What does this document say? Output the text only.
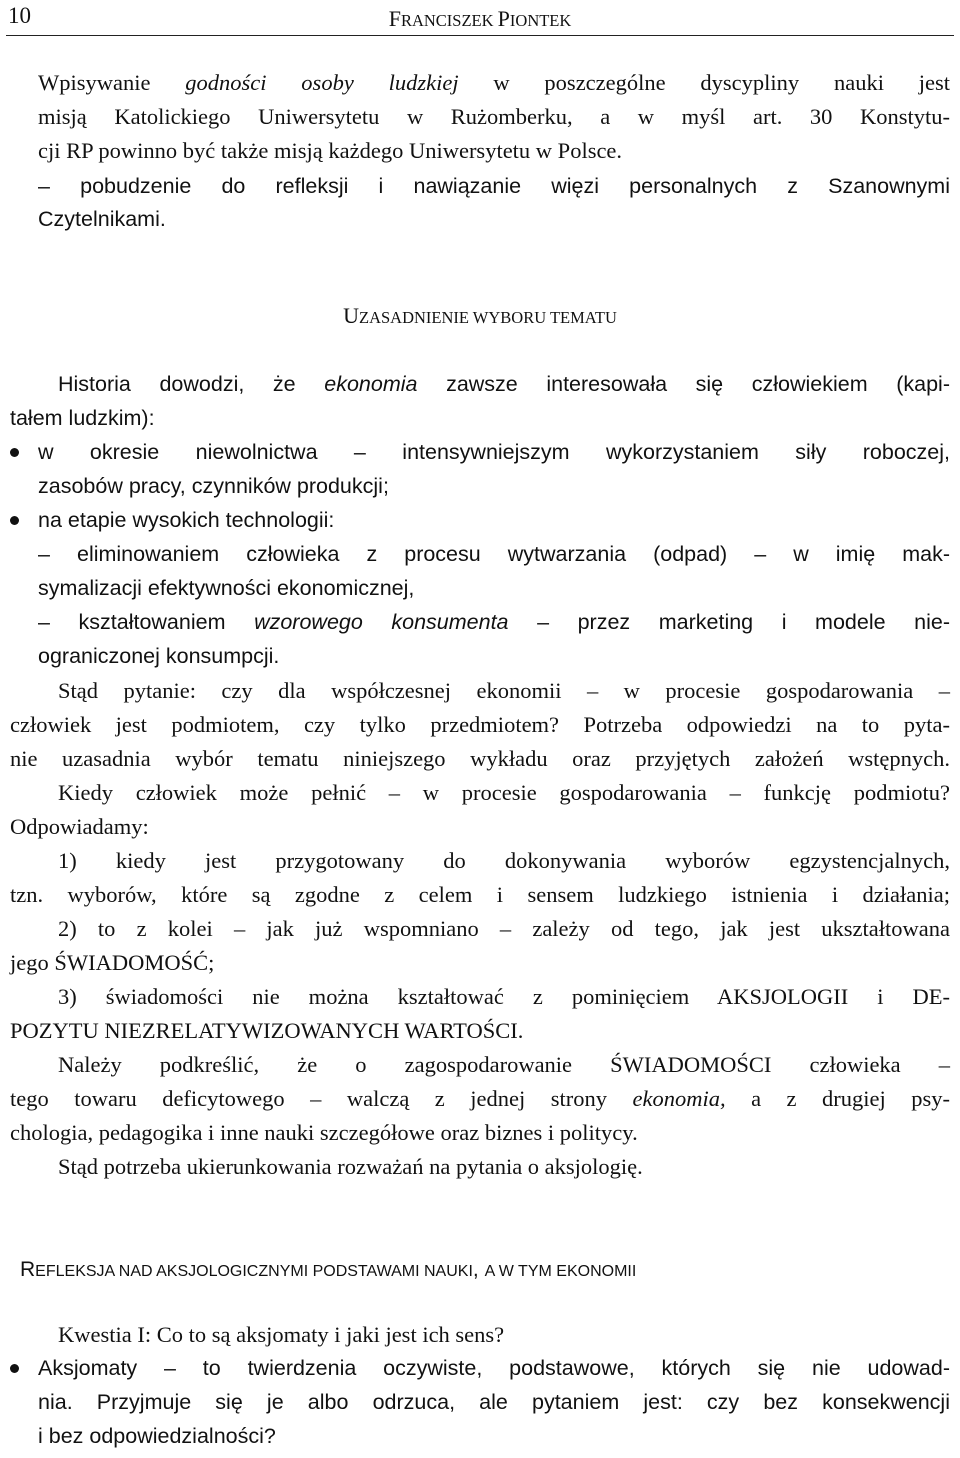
10	FRANCISZEK PIONTEK
Wpisywanie godności osoby ludzkiej w poszczególne dyscypliny nauki jest
misją Katolickiego Uniwersytetu w Rużomberku, a w myśl art. 30 Konstytu-
cji RP powinno być także misją każdego Uniwersytetu w Polsce.
– pobudzenie do refleksji i nawiązanie więzi personalnych z Szanownymi
Czytelnikami.
UZASADNIENIE WYBORU TEMATU
Historia dowodzi, że ekonomia zawsze interesowała się człowiekiem (kapi-
tałem ludzkim):
w okresie niewolnictwa – intensywniejszym wykorzystaniem siły roboczej,
zasobów pracy, czynników produkcji;
na etapie wysokich technologii:
– eliminowaniem człowieka z procesu wytwarzania (odpad) – w imię mak-
symalizacji efektywności ekonomicznej,
– kształtowaniem wzorowego konsumenta – przez marketing i modele nie-
ograniczonej konsumpcji.
Stąd pytanie: czy dla współczesnej ekonomii – w procesie gospodarowania –
człowiek jest podmiotem, czy tylko przedmiotem? Potrzeba odpowiedzi na to pyta-
nie uzasadnia wybór tematu niniejszego wykładu oraz przyjętych założeń wstępnych.
Kiedy człowiek może pełnić – w procesie gospodarowania – funkcję podmiotu?
Odpowiadamy:
1) kiedy jest przygotowany do dokonywania wyborów egzystencjalnych,
tzn. wyborów, które są zgodne z celem i sensem ludzkiego istnienia i działania;
2) to z kolei – jak już wspomniano – zależy od tego, jak jest ukształtowana
jego ŚWIADOMOŚĆ;
3) świadomości nie można kształtować z pominięciem AKSJOLOGII i DE-
POZYTU NIEZRELATYWIZOWANYCH WARTOŚCI.
Należy podkreślić, że o zagospodarowanie ŚWIADOMOŚCI człowieka –
tego towaru deficytowego – walczą z jednej strony ekonomia, a z drugiej psy-
chologia, pedagogika i inne nauki szczegółowe oraz biznes i politycy.
Stąd potrzeba ukierunkowania rozważań na pytania o aksjologię.
REFLEKSJA NAD AKSJOLOGICZNYMI PODSTAWAMI NAUKI, A W TYM EKONOMII
Kwestia I: Co to są aksjomaty i jaki jest ich sens?
Aksjomaty – to twierdzenia oczywiste, podstawowe, których się nie udowad-
nia. Przyjmuje się je albo odrzuca, ale pytaniem jest: czy bez konsekwencji
i bez odpowiedzialności?
